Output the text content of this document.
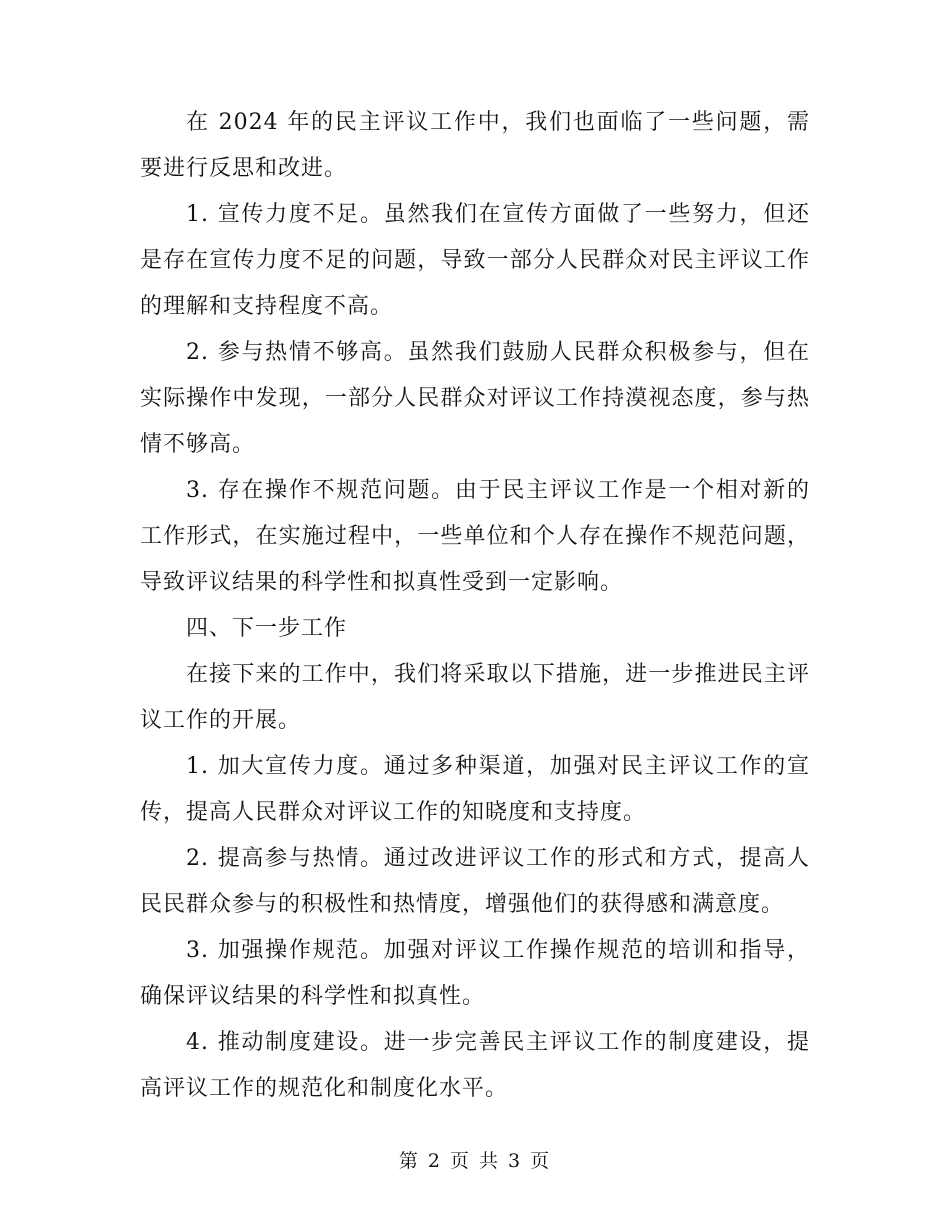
在 2024 年的民主评议工作中，我们也面临了一些问题，需要进行反思和改进。

1. 宣传力度不足。虽然我们在宣传方面做了一些努力，但还是存在宣传力度不足的问题，导致一部分人民群众对民主评议工作的理解和支持程度不高。

2. 参与热情不够高。虽然我们鼓励人民群众积极参与，但在实际操作中发现，一部分人民群众对评议工作持漠视态度，参与热情不够高。

3. 存在操作不规范问题。由于民主评议工作是一个相对新的工作形式，在实施过程中，一些单位和个人存在操作不规范问题，导致评议结果的科学性和拟真性受到一定影响。

四、下一步工作

在接下来的工作中，我们将采取以下措施，进一步推进民主评议工作的开展。

1. 加大宣传力度。通过多种渠道，加强对民主评议工作的宣传，提高人民群众对评议工作的知晓度和支持度。

2. 提高参与热情。通过改进评议工作的形式和方式，提高人民民群众参与的积极性和热情度，增强他们的获得感和满意度。

3. 加强操作规范。加强对评议工作操作规范的培训和指导，确保评议结果的科学性和拟真性。

4. 推动制度建设。进一步完善民主评议工作的制度建设，提高评议工作的规范化和制度化水平。

第 2 页 共 3 页
